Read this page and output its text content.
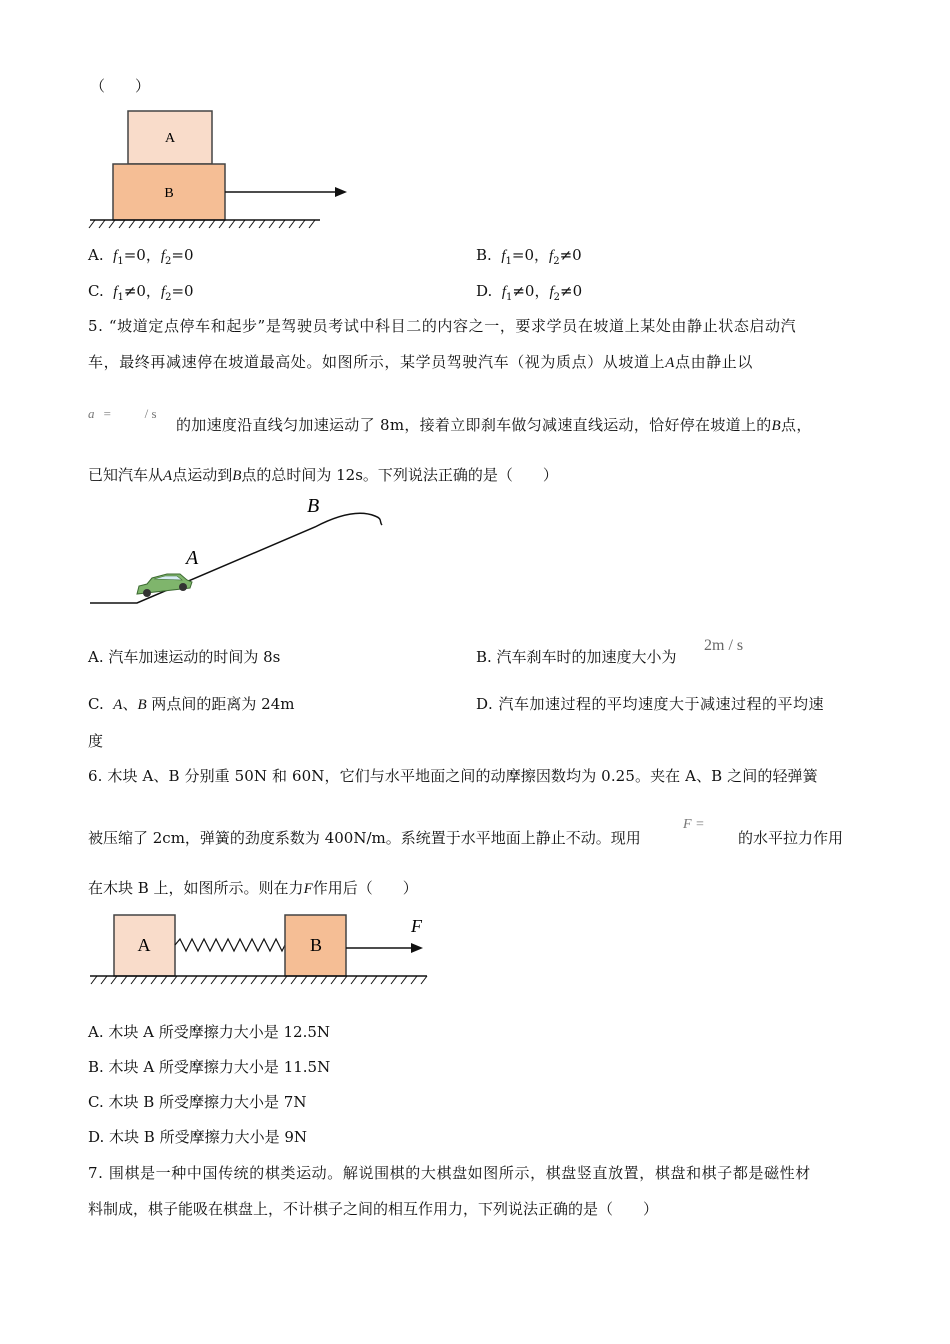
（　　）
A
B
A. $f_1=0$，$f_2=0$	B. $f_1=0$，$f_2\ne 0$
C. $f_1\ne 0$，$f_2=0$	D. $f_1\ne 0$，$f_2\ne 0$
5. “坡道定点停车和起步”是驾驶员考试中科目二的内容之一，要求学员在坡道上某处由静止状态启动汽
车，最终再减速停在坡道最高处。如图所示，某学员驾驶汽车（视为质点）从坡道上A点由静止以
a =	/ s
的加速度沿直线匀加速运动了 8m，接着立即刹车做匀减速直线运动，恰好停在坡道上的B点，
已知汽车从A点运动到B点的总时间为 12s。下列说法正确的是（　　）
B
A
A. 汽车加速运动的时间为 8s	B. 汽车刹车时的加速度大小为
2m / s
C. A、B 两点间的距离为 24m	D. 汽车加速过程的平均速度大于减速过程的平均速
度
6. 木块 A、B 分别重 50N 和 60N，它们与水平地面之间的动摩擦因数均为 0.25。夹在 A、B 之间的轻弹簧
被压缩了 2cm，弹簧的劲度系数为 400N/m。系统置于水平地面上静止不动。现用
F =
的水平拉力作用
在木块 B 上，如图所示。则在力F作用后（　　）
A	B
F
A. 木块 A 所受摩擦力大小是 12.5N
B. 木块 A 所受摩擦力大小是 11.5N
C. 木块 B 所受摩擦力大小是 7N
D. 木块 B 所受摩擦力大小是 9N
7. 围棋是一种中国传统的棋类运动。解说围棋的大棋盘如图所示，棋盘竖直放置，棋盘和棋子都是磁性材
料制成，棋子能吸在棋盘上，不计棋子之间的相互作用力，下列说法正确的是（　　）
